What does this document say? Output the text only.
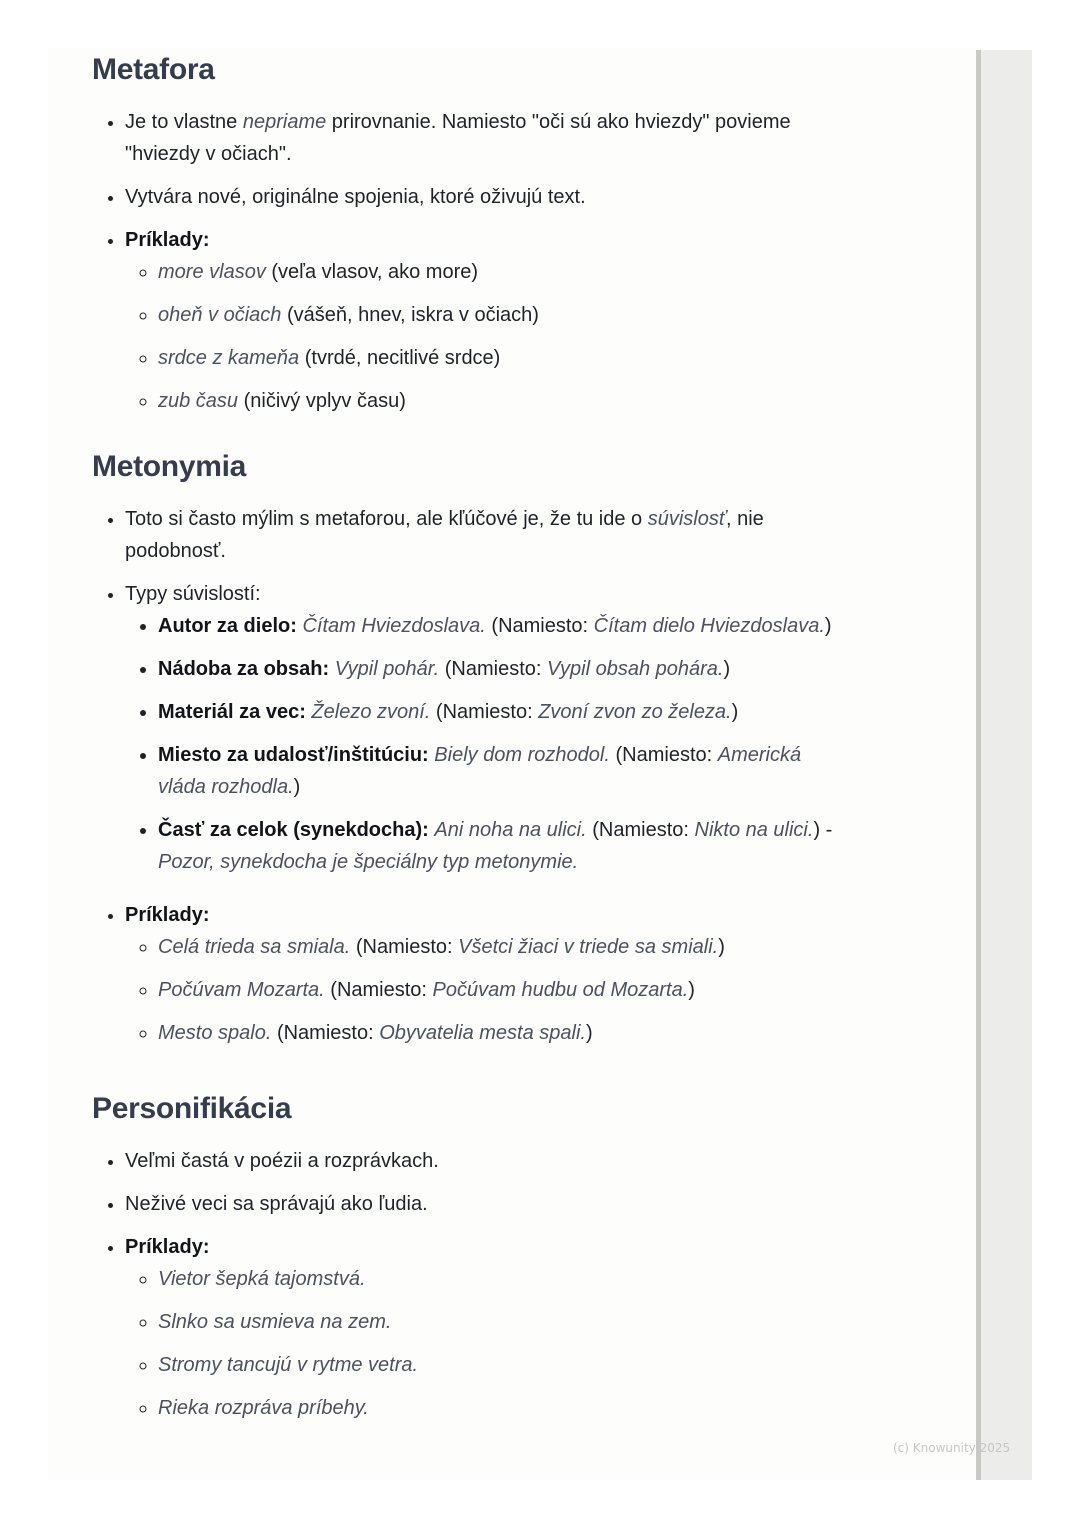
Metafora
• Je to vlastne nepriame prirovnanie. Namiesto "oči sú ako hviezdy" povieme "hviezdy v očiach".
• Vytvára nové, originálne spojenia, ktoré oživujú text.
• Príklady:
◦ more vlasov (veľa vlasov, ako more)
◦ oheň v očiach (vášeň, hnev, iskra v očiach)
◦ srdce z kameňa (tvrdé, necitlivé srdce)
◦ zub času (ničivý vplyv času)
Metonymia
• Toto si často mýlim s metaforou, ale kľúčové je, že tu ide o súvislosť, nie podobnosť.
• Typy súvislostí:
• Autor za dielo: Čítam Hviezdoslava. (Namiesto: Čítam dielo Hviezdoslava.)
• Nádoba za obsah: Vypil pohár. (Namiesto: Vypil obsah pohára.)
• Materiál za vec: Železo zvoní. (Namiesto: Zvoní zvon zo železa.)
• Miesto za udalosť/inštitúciu: Biely dom rozhodol. (Namiesto: Americká vláda rozhodla.)
• Časť za celok (synekdocha): Ani noha na ulici. (Namiesto: Nikto na ulici.) - Pozor, synekdocha je špeciálny typ metonymie.
• Príklady:
◦ Celá trieda sa smiala. (Namiesto: Všetci žiaci v triede sa smiali.)
◦ Počúvam Mozarta. (Namiesto: Počúvam hudbu od Mozarta.)
◦ Mesto spalo. (Namiesto: Obyvatelia mesta spali.)
Personifikácia
• Veľmi častá v poézii a rozprávkach.
• Neživé veci sa správajú ako ľudia.
• Príklady:
◦ Vietor šepká tajomstvá.
◦ Slnko sa usmieva na zem.
◦ Stromy tancujú v rytme vetra.
◦ Rieka rozpráva príbehy.
(c) Knowunity 2025
